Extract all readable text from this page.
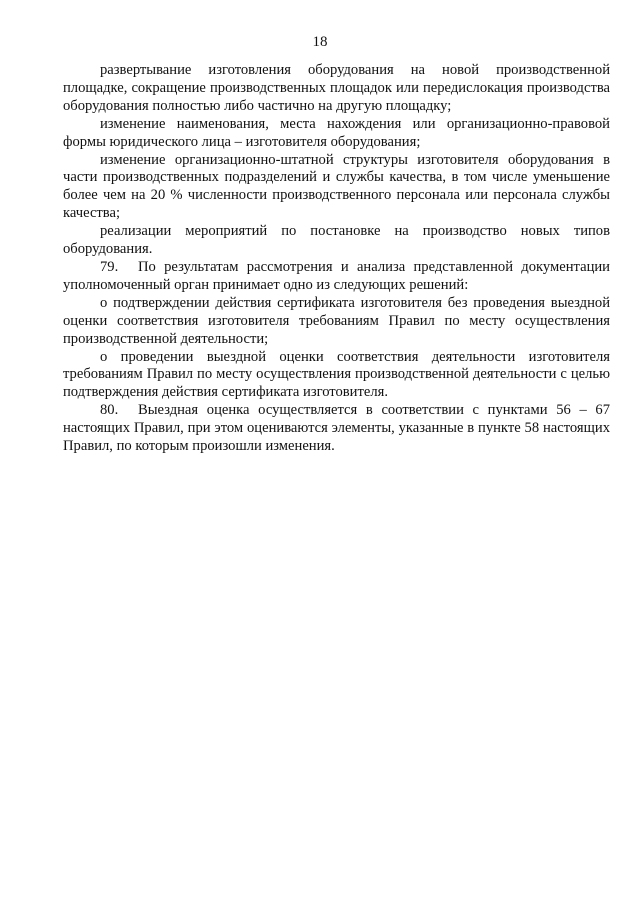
18

развертывание изготовления оборудования на новой производственной площадке, сокращение производственных площадок или передислокация производства оборудования полностью либо частично на другую площадку;

изменение наименования, места нахождения или организационно-правовой формы юридического лица – изготовителя оборудования;

изменение организационно-штатной структуры изготовителя оборудования в части производственных подразделений и службы качества, в том числе уменьшение более чем на 20 % численности производственного персонала или персонала службы качества;

реализации мероприятий по постановке на производство новых типов оборудования.

79. По результатам рассмотрения и анализа представленной документации уполномоченный орган принимает одно из следующих решений:

о подтверждении действия сертификата изготовителя без проведения выездной оценки соответствия изготовителя требованиям Правил по месту осуществления производственной деятельности;

о проведении выездной оценки соответствия деятельности изготовителя требованиям Правил по месту осуществления производственной деятельности с целью подтверждения действия сертификата изготовителя.

80. Выездная оценка осуществляется в соответствии с пунктами 56 – 67 настоящих Правил, при этом оцениваются элементы, указанные в пункте 58 настоящих Правил, по которым произошли изменения.
